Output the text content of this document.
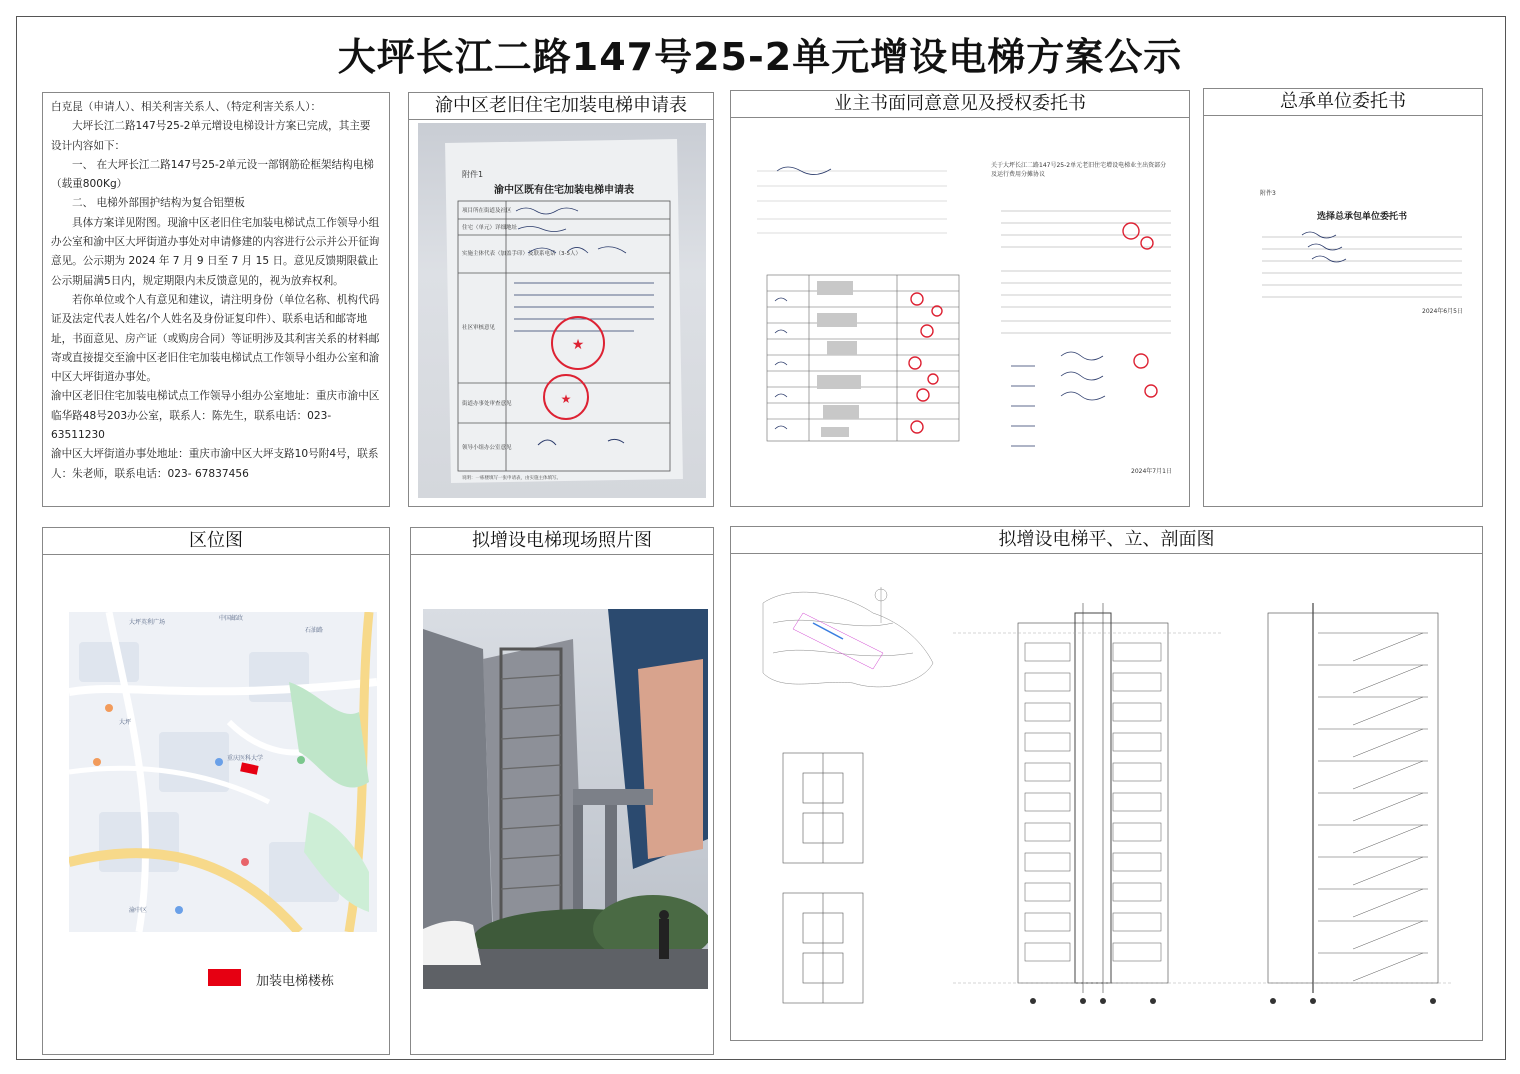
大坪长江二路147号25-2单元增设电梯方案公示

白克昆（申请人）、相关利害关系人、（特定利害关系人）：

大坪长江二路147号25-2单元增设电梯设计方案已完成，其主要设计内容如下：

一、 在大坪长江二路147号25-2单元设一部钢筋砼框架结构电梯（载重800Kg）

二、 电梯外部围护结构为复合铝塑板

具体方案详见附图。现渝中区老旧住宅加装电梯试点工作领导小组办公室和渝中区大坪街道办事处对申请修建的内容进行公示并公开征询意见。公示期为 2024 年 7 月 9 日至 7 月 15 日。意见反馈期限截止公示期届满5日内，规定期限内未反馈意见的，视为放弃权利。

若你单位或个人有意见和建议，请注明身份（单位名称、机构代码证及法定代表人姓名/个人姓名及身份证复印件）、联系电话和邮寄地址，书面意见、房产证（或购房合同）等证明涉及其利害关系的材料邮寄或直接提交至渝中区老旧住宅加装电梯试点工作领导小组办公室和渝中区大坪街道办事处。

渝中区老旧住宅加装电梯试点工作领导小组办公室地址：重庆市渝中区临华路48号203办公室，联系人：陈先生，联系电话：023-63511230

渝中区大坪街道办事处地址：重庆市渝中区大坪支路10号附4号，联系人：朱老师，联系电话：023- 67837456

渝中区老旧住宅加装电梯申请表
附件1
渝中区既有住宅加装电梯申请表
项目所在街道及社区
住宅（单元）详细地址
实施主体代表（加盖手印）及联系电话（3-5人）
社区审核意见
街道办事处审查意见
领导小组办公室意见
★
★
说明：一栋楼填写一张申请表，由实施主体填写。
业主书面同意意见及授权委托书
关于大坪长江二路147号25-2单元老旧住宅增设电梯业主出资部分及运行费用分摊协议
2024年7月1日
总承单位委托书
附件3
选择总承包单位委托书
2024年6月5日
区位图
大坪英利广场
石油路
大坪
中国邮政
重庆医科大学
渝中区
加装电梯楼栋
拟增设电梯现场照片图	拟增设电梯平、立、剖面图
